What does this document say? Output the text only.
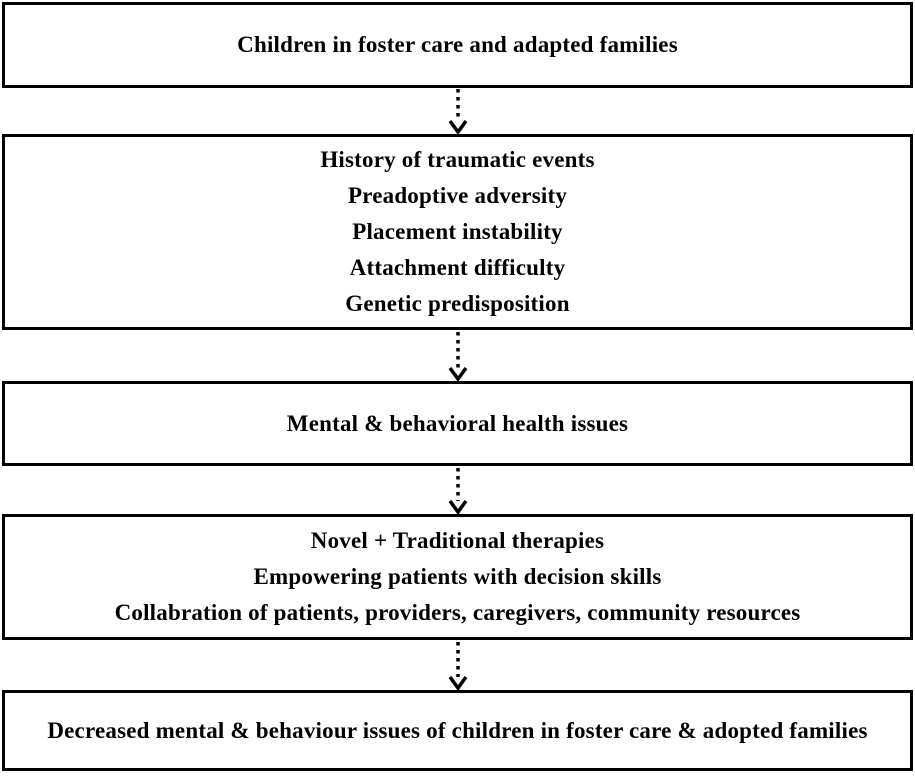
Children in foster care and adapted families
History of traumatic events
Preadoptive adversity
Placement instability
Attachment difficulty
Genetic predisposition
Mental & behavioral health issues
Novel + Traditional therapies
Empowering patients with decision skills
Collabration of patients, providers, caregivers, community resources
Decreased mental & behaviour issues of children in foster care & adopted families
